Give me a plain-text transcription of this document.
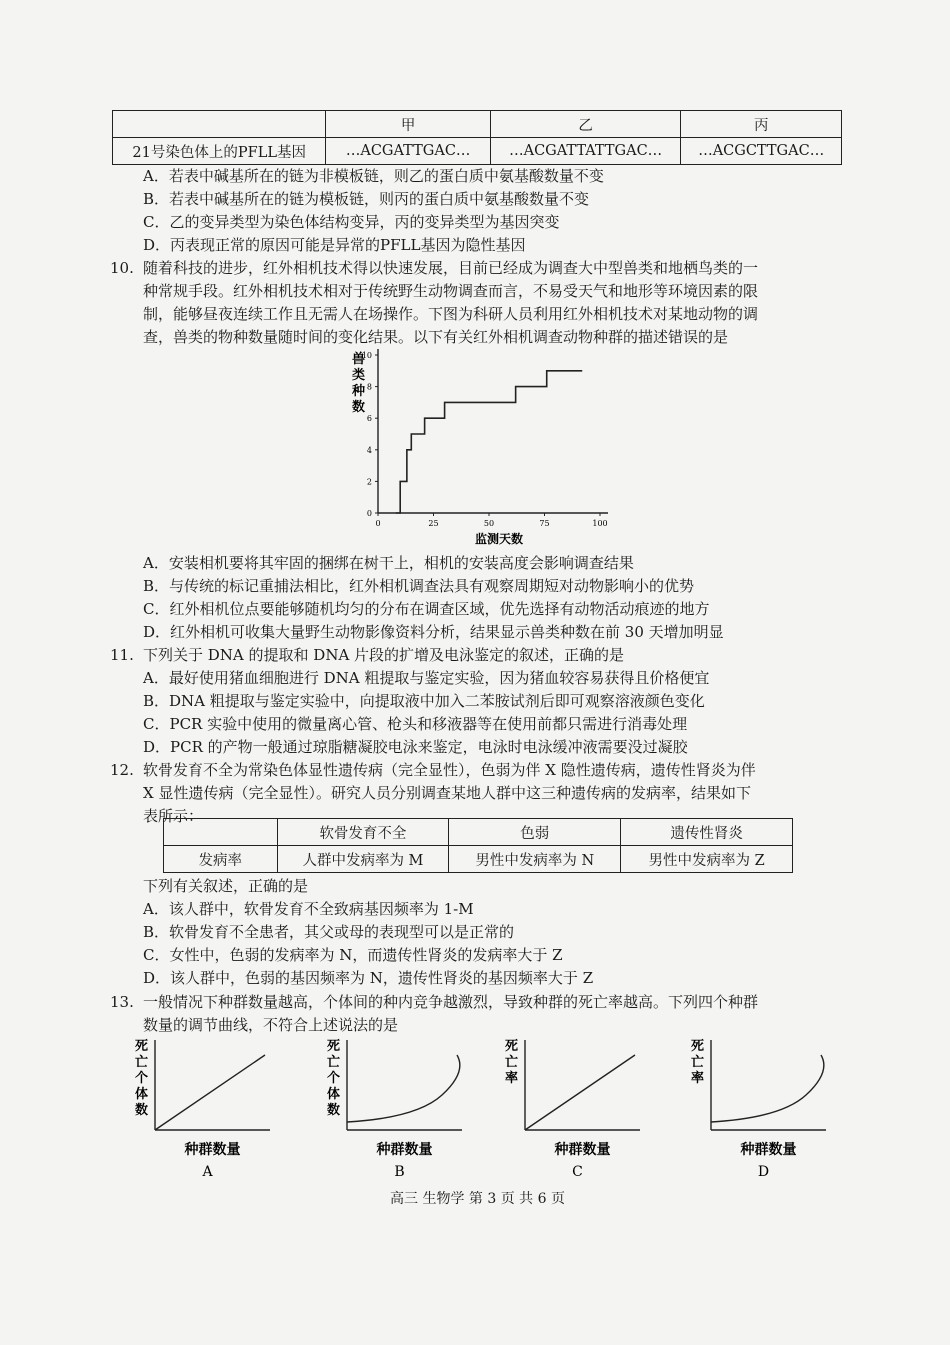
	甲	乙	丙
21号染色体上的PFLL基因	…ACGATTGAC…	…ACGATTATTGAC…	…ACGCTTGAC…
A．若表中碱基所在的链为非模板链，则乙的蛋白质中氨基酸数量不变
B．若表中碱基所在的链为模板链，则丙的蛋白质中氨基酸数量不变
C．乙的变异类型为染色体结构变异，丙的变异类型为基因突变
D．丙表现正常的原因可能是异常的PFLL基因为隐性基因
10. 随着科技的进步，红外相机技术得以快速发展，目前已经成为调查大中型兽类和地栖鸟类的一
种常规手段。红外相机技术相对于传统野生动物调查而言，不易受天气和地形等环境因素的限
制，能够昼夜连续工作且无需人在场操作。下图为科研人员利用红外相机技术对某地动物的调
查，兽类的物种数量随时间的变化结果。以下有关红外相机调查动物种群的描述错误的是
0
2
4
6
8
10
0	25	50	75	100
兽类种数
监测天数
A．安装相机要将其牢固的捆绑在树干上，相机的安装高度会影响调查结果
B．与传统的标记重捕法相比，红外相机调查法具有观察周期短对动物影响小的优势
C．红外相机位点要能够随机均匀的分布在调查区域，优先选择有动物活动痕迹的地方
D．红外相机可收集大量野生动物影像资料分析，结果显示兽类种数在前 30 天增加明显
11. 下列关于 DNA 的提取和 DNA 片段的扩增及电泳鉴定的叙述，正确的是
A．最好使用猪血细胞进行 DNA 粗提取与鉴定实验，因为猪血较容易获得且价格便宜
B．DNA 粗提取与鉴定实验中，向提取液中加入二苯胺试剂后即可观察溶液颜色变化
C．PCR 实验中使用的微量离心管、枪头和移液器等在使用前都只需进行消毒处理
D．PCR 的产物一般通过琼脂糖凝胶电泳来鉴定，电泳时电泳缓冲液需要没过凝胶
12. 软骨发育不全为常染色体显性遗传病（完全显性），色弱为伴 X 隐性遗传病，遗传性肾炎为伴
X 显性遗传病（完全显性）。研究人员分别调查某地人群中这三种遗传病的发病率，结果如下
表所示：
	软骨发育不全	色弱	遗传性肾炎
发病率	人群中发病率为 M	男性中发病率为 N	男性中发病率为 Z
下列有关叙述，正确的是
A．该人群中，软骨发育不全致病基因频率为 1-M
B．软骨发育不全患者，其父或母的表现型可以是正常的
C．女性中，色弱的发病率为 N，而遗传性肾炎的发病率大于 Z
D．该人群中，色弱的基因频率为 N，遗传性肾炎的基因频率大于 Z
13. 一般情况下种群数量越高，个体间的种内竞争越激烈，导致种群的死亡率越高。下列四个种群
数量的调节曲线，不符合上述说法的是
死亡个体数
种群数量
A
死亡个体数
种群数量
B
死亡率
种群数量
C
死亡率
种群数量
D
高三 生物学 第 3 页 共 6 页
